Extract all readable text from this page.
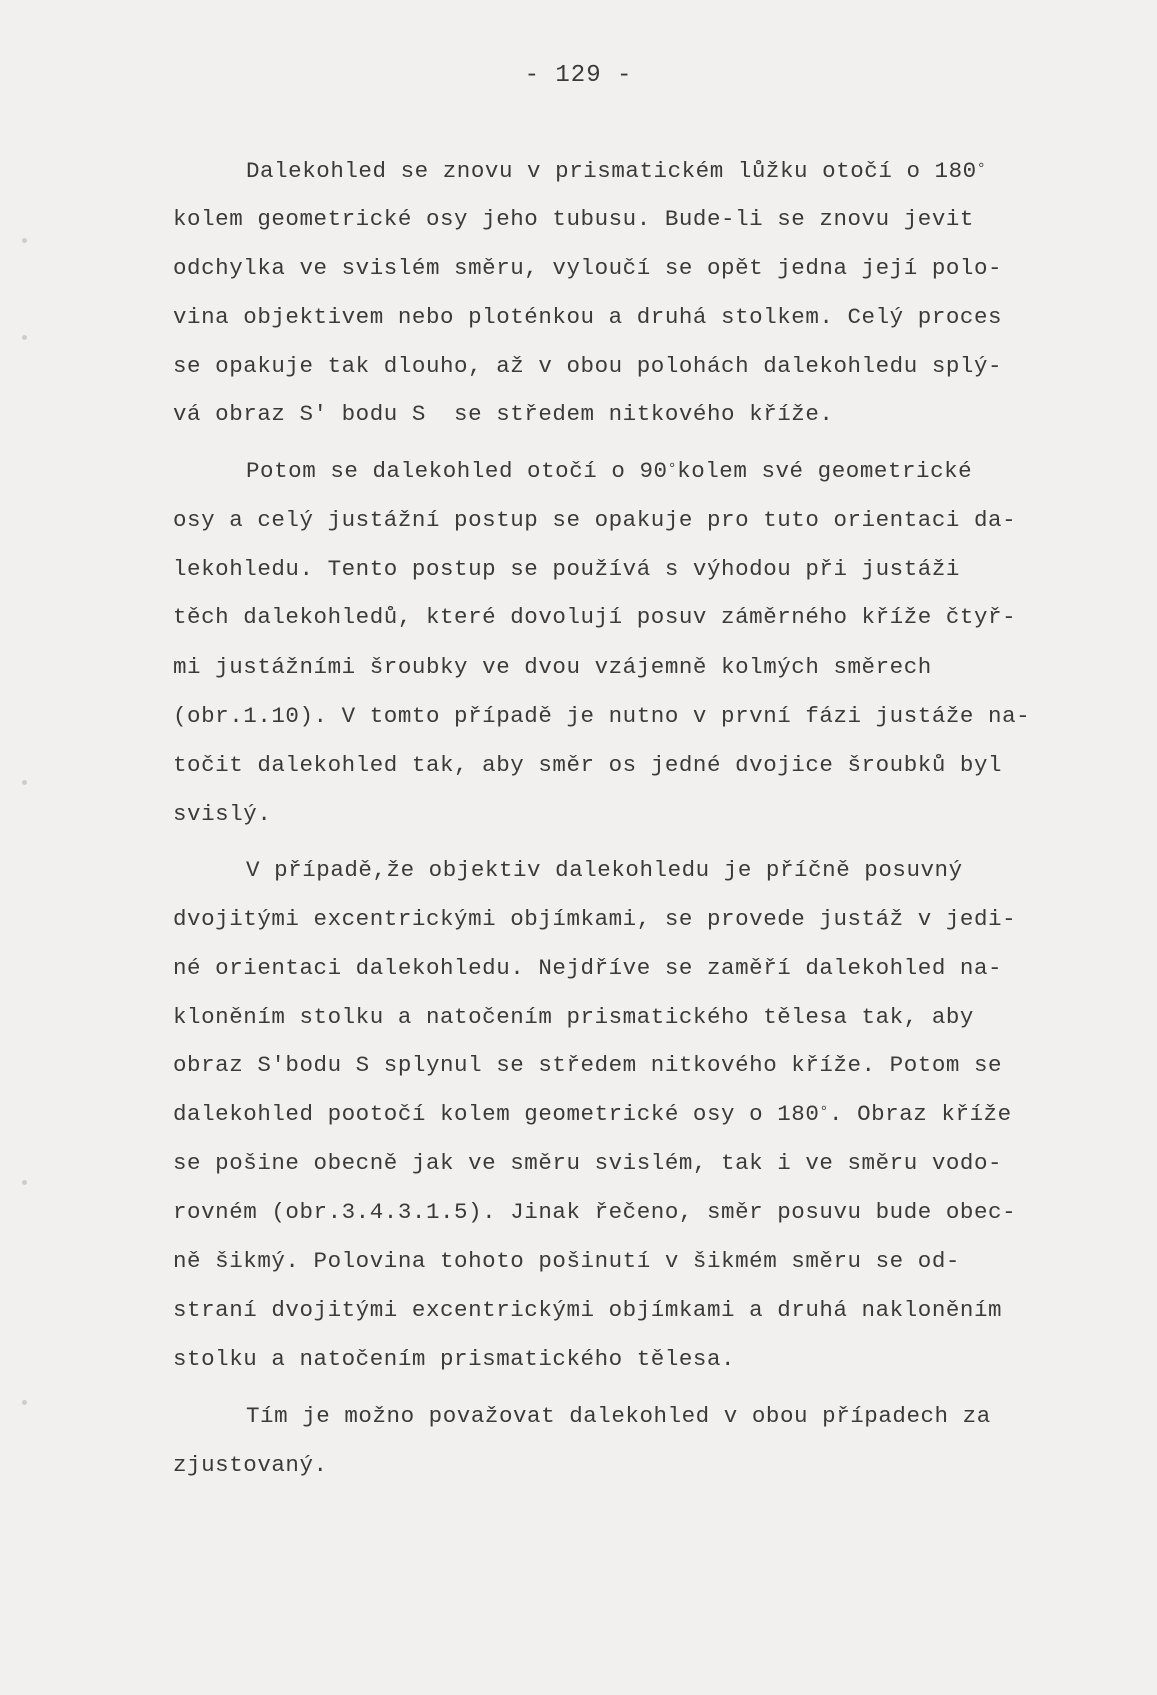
- 129 -
Dalekohled se znovu v prismatickém lůžku otočí o 180°
kolem geometrické osy jeho tubusu. Bude-li se znovu jevit
odchylka ve svislém směru, vyloučí se opět jedna její polo-
vina objektivem nebo ploténkou a druhá stolkem. Celý proces
se opakuje tak dlouho, až v obou polohách dalekohledu splý-
vá obraz S' bodu S  se středem nitkového kříže.
Potom se dalekohled otočí o 90°kolem své geometrické
osy a celý justážní postup se opakuje pro tuto orientaci da-
lekohledu. Tento postup se používá s výhodou při justáži
těch dalekohledů, které dovolují posuv záměrného kříže čtyř-
mi justážními šroubky ve dvou vzájemně kolmých směrech
(obr.1.10). V tomto případě je nutno v první fázi justáže na-
točit dalekohled tak, aby směr os jedné dvojice šroubků byl
svislý.
V případě,že objektiv dalekohledu je příčně posuvný
dvojitými excentrickými objímkami, se provede justáž v jedi-
né orientaci dalekohledu. Nejdříve se zaměří dalekohled na-
kloněním stolku a natočením prismatického tělesa tak, aby
obraz S'bodu S splynul se středem nitkového kříže. Potom se
dalekohled pootočí kolem geometrické osy o 180°. Obraz kříže
se pošine obecně jak ve směru svislém, tak i ve směru vodo-
rovném (obr.3.4.3.1.5). Jinak řečeno, směr posuvu bude obec-
ně šikmý. Polovina tohoto pošinutí v šikmém směru se od-
straní dvojitými excentrickými objímkami a druhá nakloněním
stolku a natočením prismatického tělesa.
Tím je možno považovat dalekohled v obou případech za
zjustovaný.
